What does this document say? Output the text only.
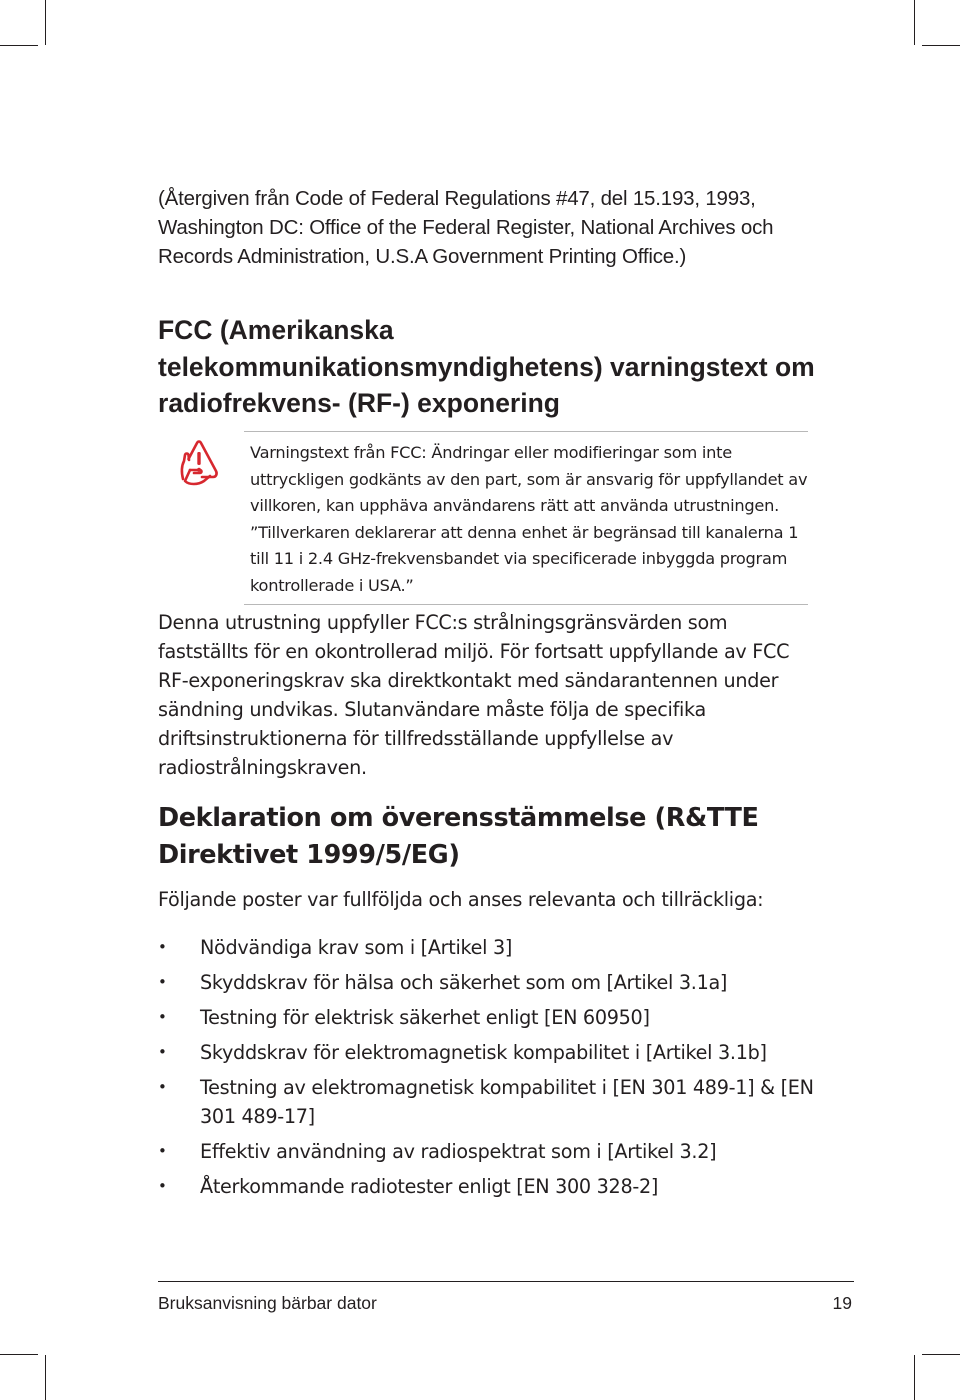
(Återgiven från Code of Federal Regulations #47, del 15.193, 1993, Washington DC: Office of the Federal Register, National Archives och Records Administration, U.S.A Government Printing Office.)

FCC (Amerikanska telekommunikationsmyndighetens) varningstext om radiofrekvens- (RF-) exponering

Varningstext från FCC: Ändringar eller modifieringar som inte uttryckligen godkänts av den part, som är ansvarig för uppfyllandet av villkoren, kan upphäva användarens rätt att använda utrustningen. ”Tillverkaren deklarerar att denna enhet är begränsad till kanalerna 1 till 11 i 2.4 GHz-frekvensbandet via specificerade inbyggda program kontrollerade i USA.”

Denna utrustning uppfyller FCC:s strålningsgränsvärden som fastställts för en okontrollerad miljö. För fortsatt uppfyllande av FCC RF-exponeringskrav ska direktkontakt med sändarantennen under sändning undvikas. Slutanvändare måste följa de specifika driftsinstruktionerna för tillfredsställande uppfyllelse av radiostrålningskraven.

Deklaration om överensstämmelse (R&TTE Direktivet 1999/5/EG)

Följande poster var fullföljda och anses relevanta och tillräckliga:

• Nödvändiga krav som i [Artikel 3]
• Skyddskrav för hälsa och säkerhet som om [Artikel 3.1a]
• Testning för elektrisk säkerhet enligt [EN 60950]
• Skyddskrav för elektromagnetisk kompabilitet i [Artikel 3.1b]
• Testning av elektromagnetisk kompabilitet i [EN 301 489-1] & [EN 301 489-17]
• Effektiv användning av radiospektrat som i [Artikel 3.2]
• Återkommande radiotester enligt [EN 300 328-2]
Bruksanvisning bärbar dator	19
